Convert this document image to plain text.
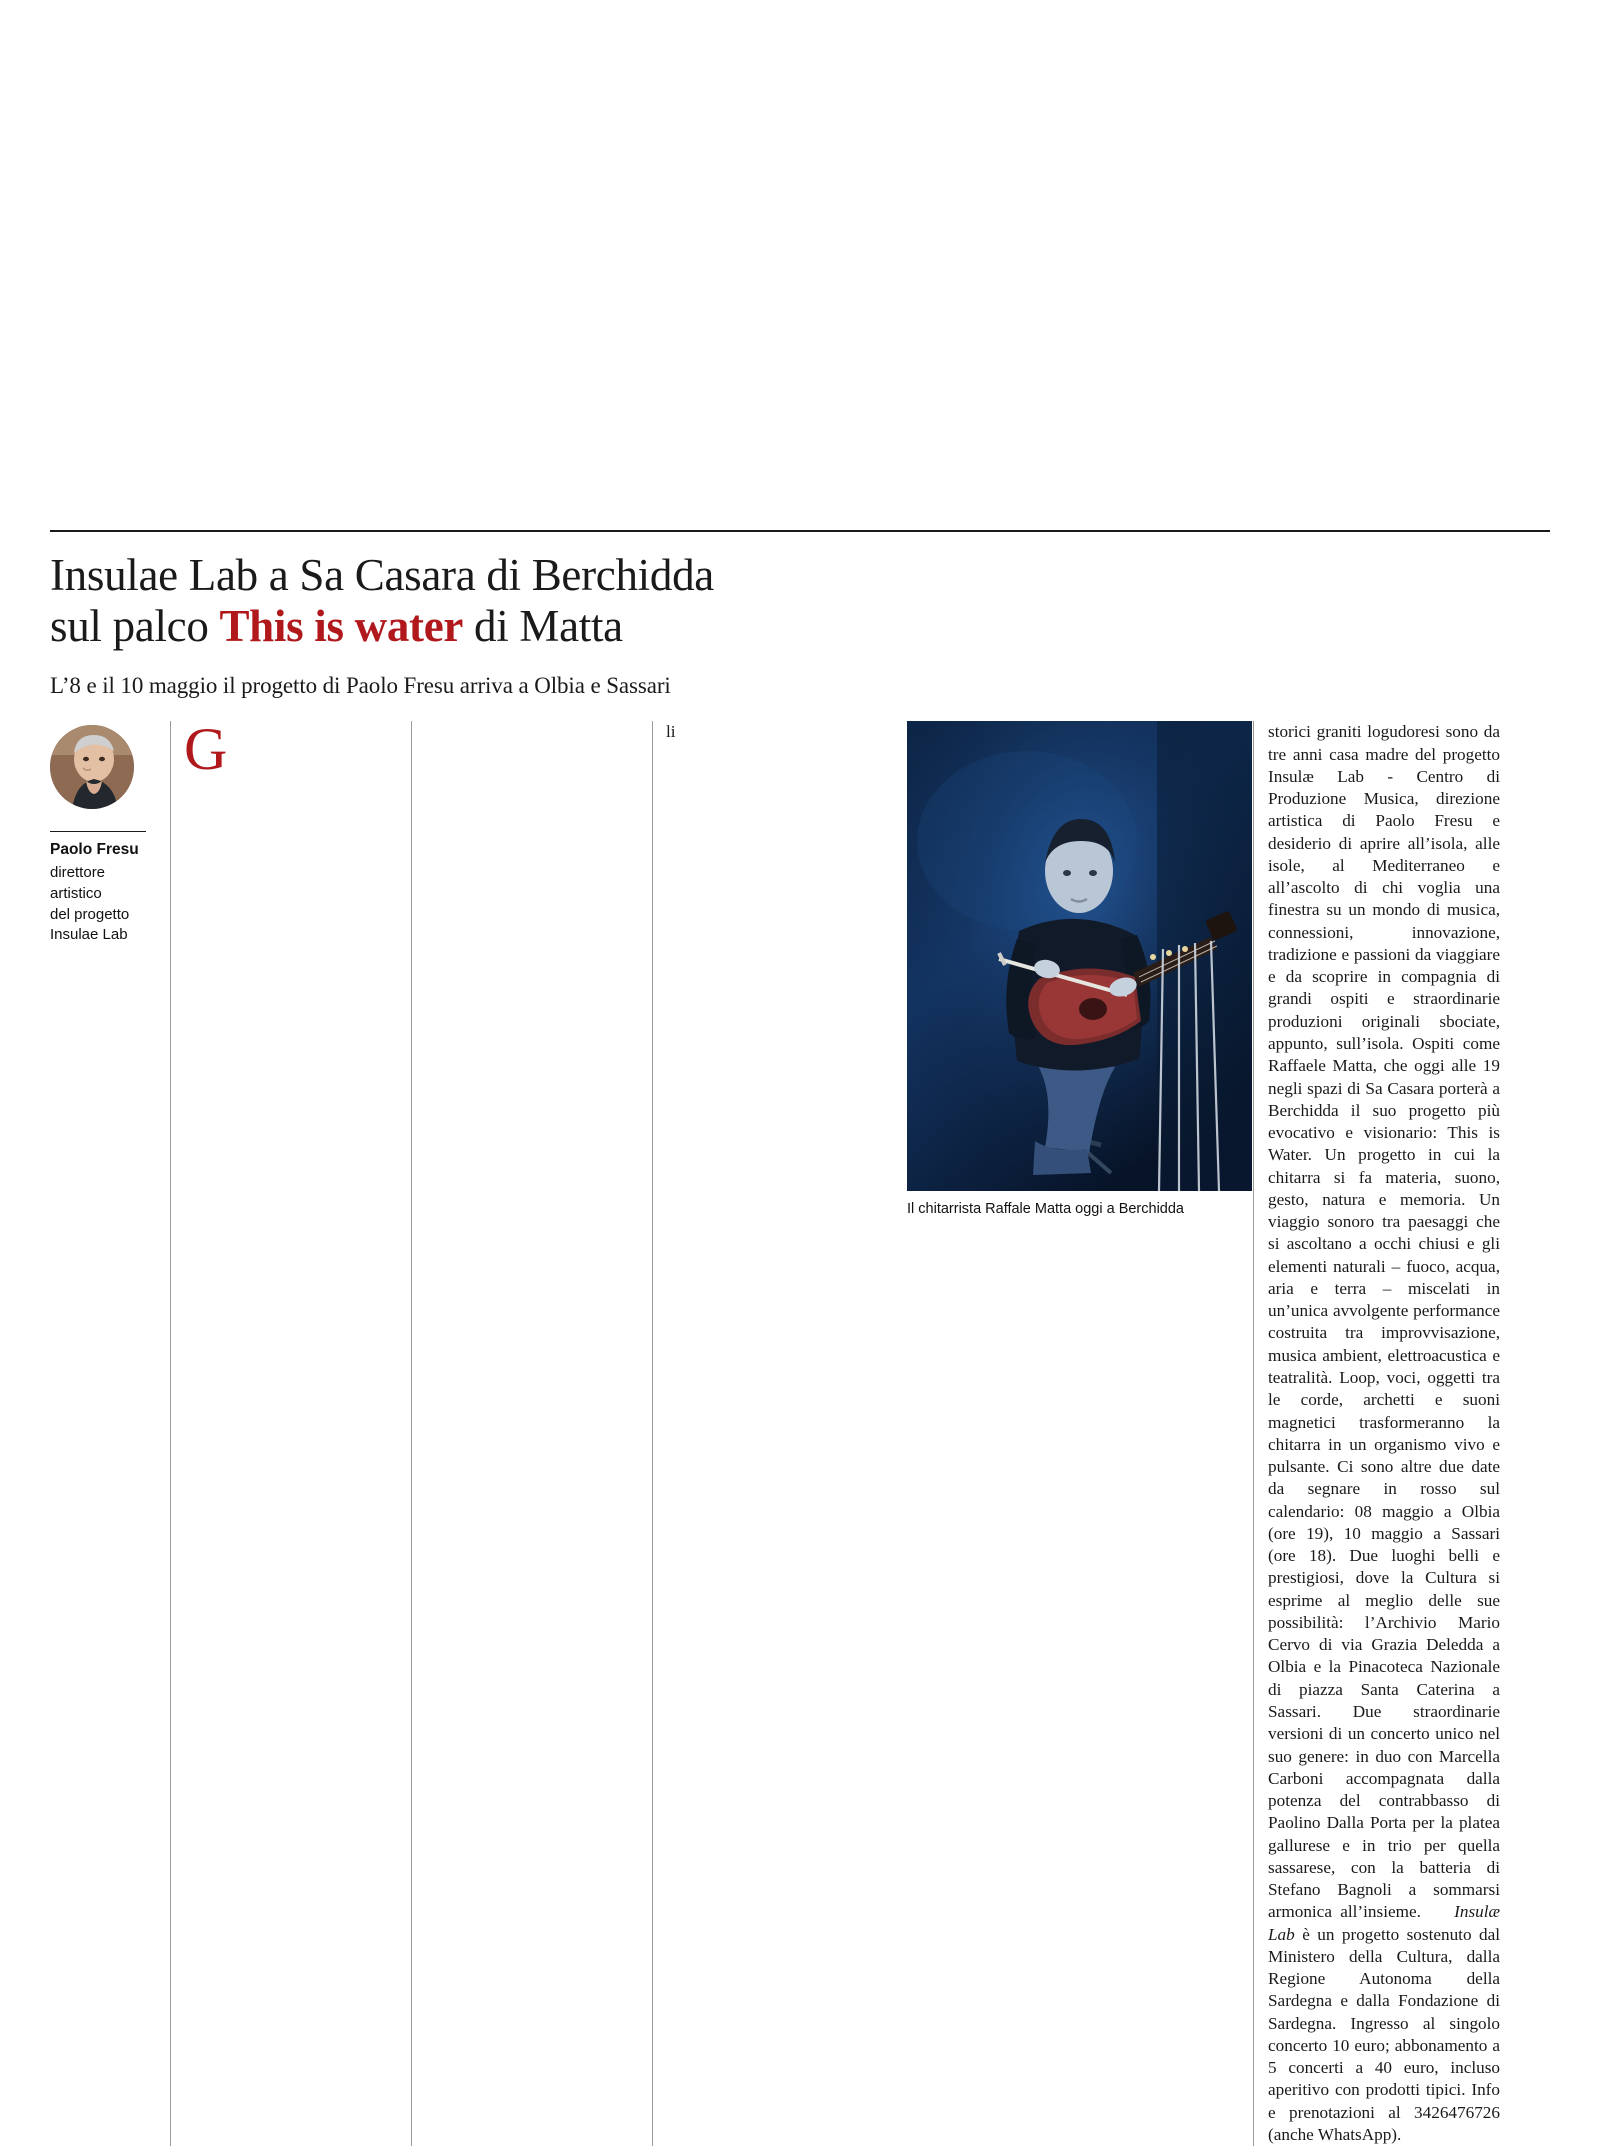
Insulae Lab a Sa Casara di Berchidda
sul palco This is water di Matta
L’8 e il 10 maggio il progetto di Paolo Fresu arriva a Olbia e Sassari
Paolo Fresu
direttore
artistico
del progetto
Insulae Lab
G	li
Il chitarrista Raffale Matta oggi a Berchidda
storici graniti logudoresi sono da tre anni casa madre del progetto Insulæ Lab - Centro di Produzione Musica, direzione artistica di Paolo Fresu e desiderio di aprire all’isola, alle isole, al Mediterraneo e all’ascolto di chi voglia una finestra su un mondo di musica, connessioni, innovazione, tradizione e passioni da viaggiare e da scoprire in compagnia di grandi ospiti e straordinarie produzioni originali sbociate, appunto, sull’isola. Ospiti come Raffaele Matta, che oggi alle 19 negli spazi di Sa Casara porterà a Berchidda il suo progetto più evocativo e visionario: This is Water. Un progetto in cui la chitarra si fa materia, suono, gesto, natura e memoria. Un viaggio sonoro tra paesaggi che si ascoltano a occhi chiusi e gli elementi naturali – fuoco, acqua, aria e terra – miscelati in un’unica avvolgente performance costruita tra improvvisazione, musica ambient, elettroacustica e teatralità. Loop, voci, oggetti tra le corde, archetti e suoni magnetici trasformeranno la chitarra in un organismo vivo e pulsante. Ci sono altre due date da segnare in rosso sul calendario: 08 maggio a Olbia (ore 19), 10 maggio a Sassari (ore 18). Due luoghi belli e prestigiosi, dove la Cultura si esprime al meglio delle sue possibilità: l’Archivio Mario Cervo di via Grazia Deledda a Olbia e la Pinacoteca Nazionale di piazza Santa Caterina a Sassari. Due straordinarie versioni di un concerto unico nel suo genere: in duo con Marcella Carboni accompagnata dalla potenza del contrabbasso di Paolino Dalla Porta per la platea gallurese e in trio per quella sassarese, con la batteria di Stefano Bagnoli a sommarsi armonica all’insieme. Insulæ Lab è un progetto sostenuto dal Ministero della Cultura, dalla Regione Autonoma della Sardegna e dalla Fondazione di Sardegna. Ingresso al singolo concerto 10 euro; abbonamento a 5 concerti a 40 euro, incluso aperitivo con prodotti tipici. Info e prenotazioni al 3426476726 (anche WhatsApp).
